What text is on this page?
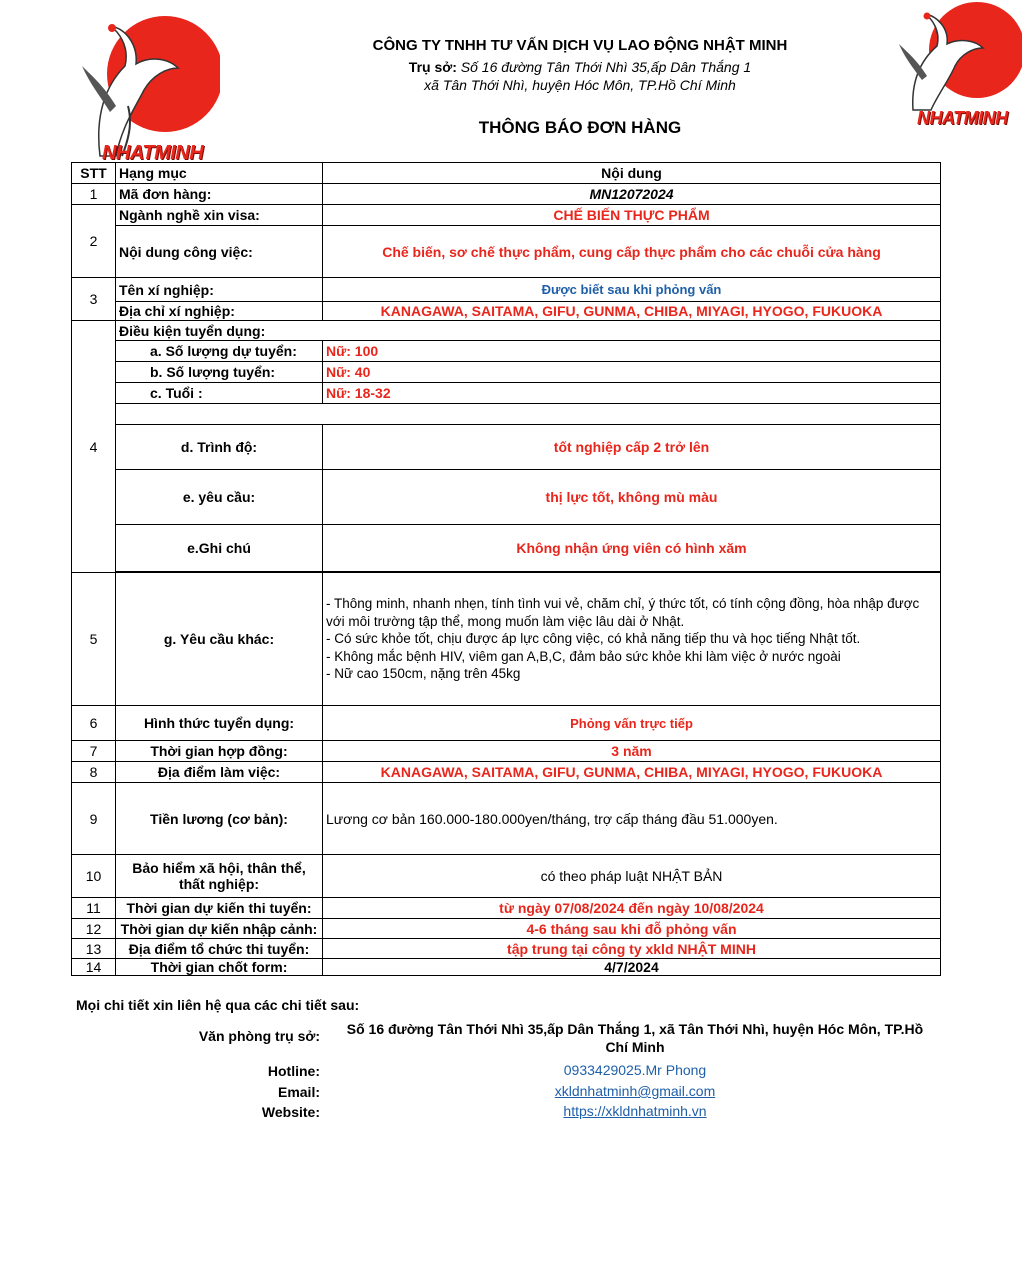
NHATMINH
NHATMINH
CÔNG TY TNHH TƯ VẤN DỊCH VỤ LAO ĐỘNG NHẬT MINH
Trụ sở: Số 16 đường Tân Thới Nhì 35,ấp Dân Thắng 1
xã Tân Thới Nhì, huyện Hóc Môn, TP.Hồ Chí Minh
THÔNG BÁO ĐƠN HÀNG
STT	Hạng mục	Nội dung
1	Mã đơn hàng:	MN12072024
2	Ngành nghề xin visa:	CHẾ BIẾN THỰC PHẨM
	Nội dung công việc:	Chế biến, sơ chế thực phẩm, cung cấp thực phẩm cho các chuỗi cửa hàng
3	Tên xí nghiệp:	Được biết sau khi phỏng vấn
	Địa chỉ xí nghiệp:	KANAGAWA, SAITAMA, GIFU, GUNMA, CHIBA, MIYAGI, HYOGO, FUKUOKA
4	Điều kiện tuyển dụng:	
	a. Số lượng dự tuyển:	Nữ: 100
	b. Số lượng tuyển:	Nữ: 40
	c. Tuổi :	Nữ: 18-32

	d. Trình độ:	tốt nghiệp cấp 2 trở lên
	e. yêu cầu:	thị lực tốt, không mù màu
	e.Ghi chú	Không nhận ứng viên có hình xăm

5	g. Yêu cầu khác:	- Thông minh, nhanh nhẹn, tính tình vui vẻ, chăm chỉ, ý thức tốt, có tính cộng đồng, hòa nhập được với môi trường tập thể, mong muốn làm việc lâu dài ở Nhật.
- Có sức khỏe tốt, chịu được áp lực công việc, có khả năng tiếp thu và học tiếng Nhật tốt.
- Không mắc bệnh HIV, viêm gan A,B,C, đảm bảo sức khỏe khi làm việc ở nước ngoài
- Nữ cao 150cm, nặng trên 45kg

6	Hình thức tuyển dụng:	Phỏng vấn trực tiếp
7	Thời gian hợp đồng:	3 năm
8	Địa điểm làm việc:	KANAGAWA, SAITAMA, GIFU, GUNMA, CHIBA, MIYAGI, HYOGO, FUKUOKA
9	Tiền lương (cơ bản):	Lương cơ bản 160.000-180.000yen/tháng, trợ cấp tháng đầu 51.000yen.
10	Bảo hiểm xã hội, thân thể, thất nghiệp:	có theo pháp luật NHẬT BẢN
11	Thời gian dự kiến thi tuyển:	từ ngày 07/08/2024 đến ngày 10/08/2024
12	Thời gian dự kiến nhập cảnh:	4-6 tháng sau khi đỗ phỏng vấn
13	Địa điểm tổ chức thi tuyển:	tập trung tại công ty xkld NHẬT MINH
14	Thời gian chốt form:	4/7/2024
Mọi chi tiết xin liên hệ qua các chi tiết sau:
Văn phòng trụ sở: Số 16 đường Tân Thới Nhì 35,ấp Dân Thắng 1, xã Tân Thới Nhì, huyện Hóc Môn, TP.Hồ Chí Minh
Hotline:	0933429025.Mr Phong
Email:	xkldnhatminh@gmail.com
Website:	https://xkldnhatminh.vn
